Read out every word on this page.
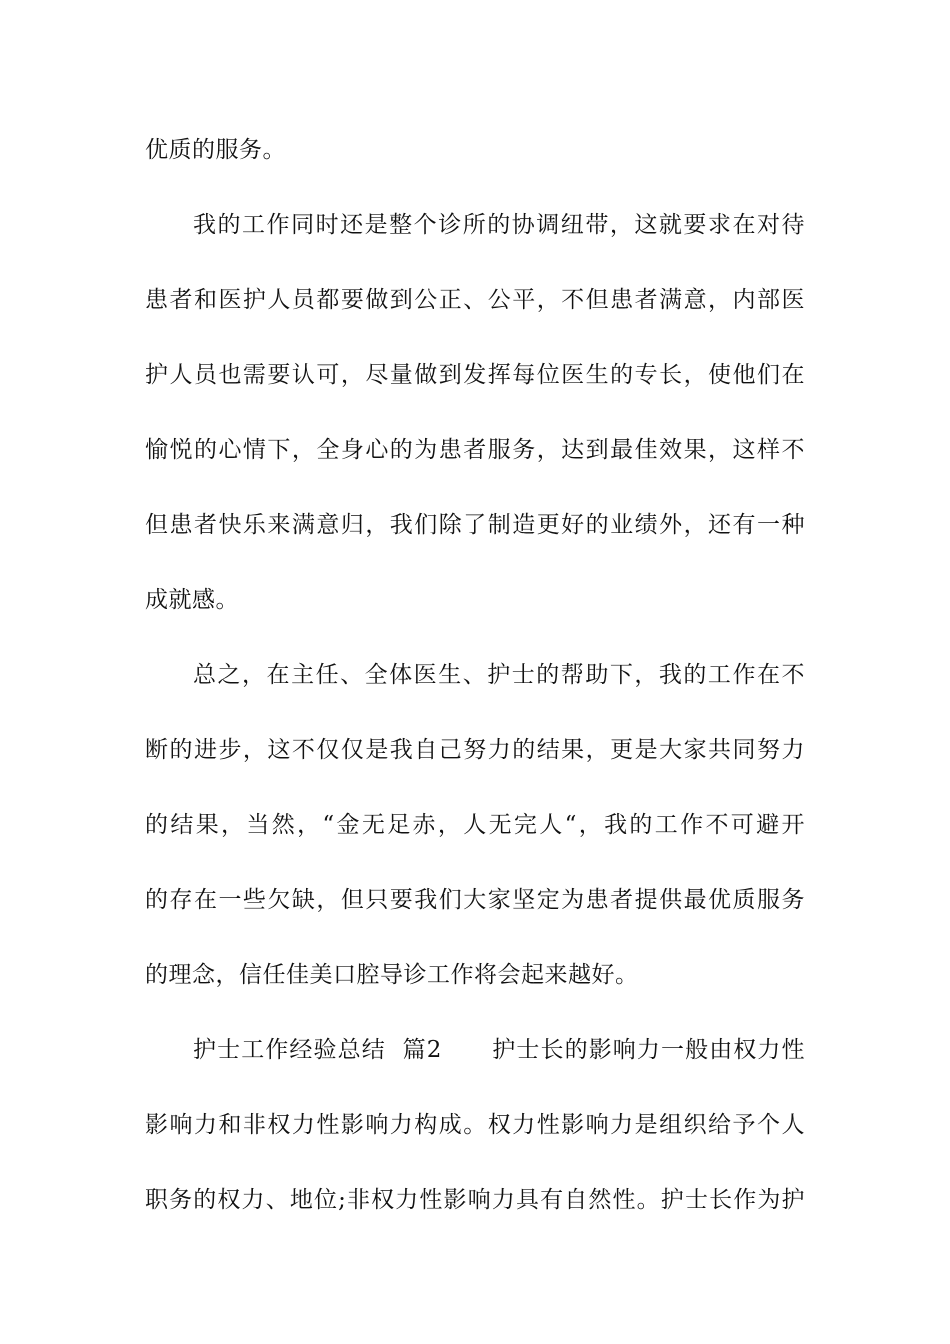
优质的服务。
我的工作同时还是整个诊所的协调纽带，这就要求在对待
患者和医护人员都要做到公正、公平，不但患者满意，内部医
护人员也需要认可，尽量做到发挥每位医生的专长，使他们在
愉悦的心情下，全身心的为患者服务，达到最佳效果，这样不
但患者快乐来满意归，我们除了制造更好的业绩外，还有一种
成就感。
总之，在主任、全体医生、护士的帮助下，我的工作在不
断的进步，这不仅仅是我自己努力的结果，更是大家共同努力
的结果，当然，“金无足赤，人无完人“，我的工作不可避开
的存在一些欠缺，但只要我们大家坚定为患者提供最优质服务
的理念，信任佳美口腔导诊工作将会起来越好。
护士工作经验总结  篇2      护士长的影响力一般由权力性
影响力和非权力性影响力构成。权力性影响力是组织给予个人
职务的权力、地位;非权力性影响力具有自然性。护士长作为护
